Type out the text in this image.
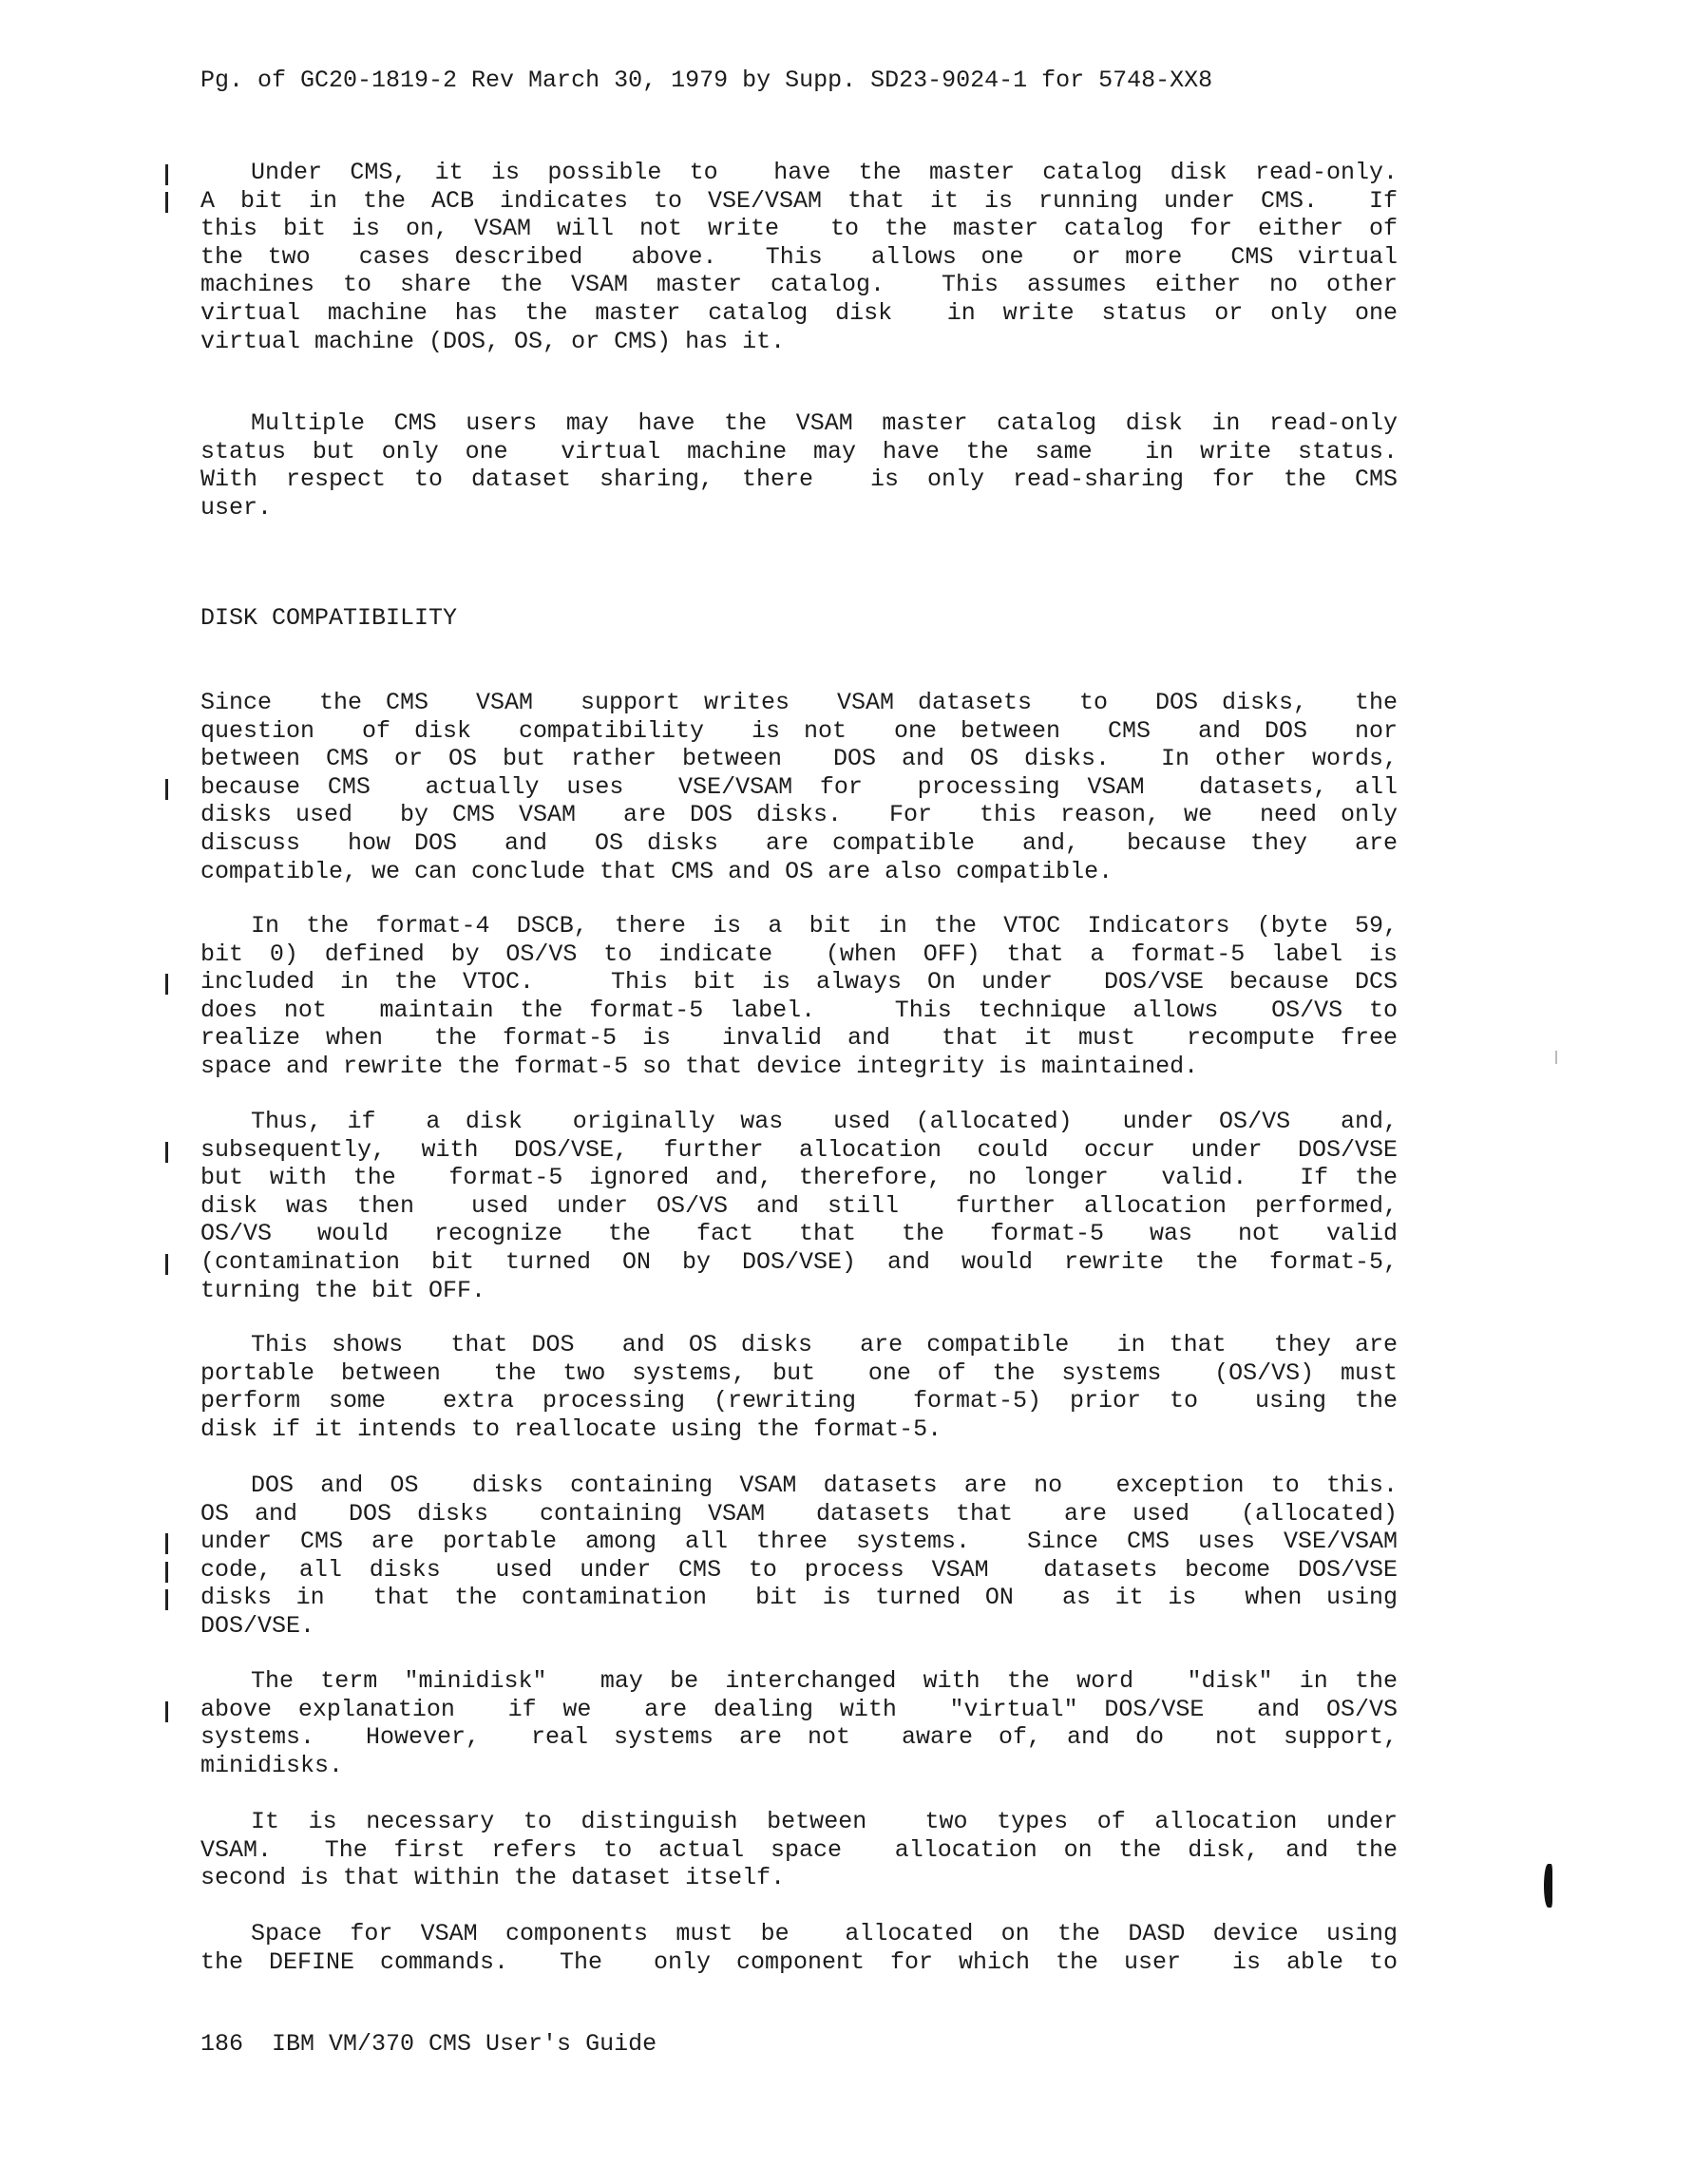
Pg. of GC20-1819-2 Rev March 30, 1979 by Supp. SD23-9024-1 for 5748-XX8
Under CMS, it is possible to  have the master catalog disk read-only.
A bit in the ACB indicates to VSE/VSAM that it is running under CMS.  If
this bit is on, VSAM will not write  to the master catalog for either of
the two  cases described  above.  This  allows one  or more  CMS virtual
machines to share the VSAM master catalog.  This assumes either no other
virtual machine has the master catalog disk  in write status or only one
virtual machine (DOS, OS, or CMS) has it.
Multiple CMS users may have the VSAM master catalog disk in read-only
status but only one  virtual machine may have the same  in write status.
With respect to dataset sharing, there  is only read-sharing for the CMS
user.
DISK COMPATIBILITY
Since  the CMS  VSAM  support writes  VSAM datasets  to  DOS disks,  the
question  of disk  compatibility  is not  one between  CMS  and DOS  nor
between CMS or OS but rather between  DOS and OS disks.  In other words,
because CMS  actually uses  VSE/VSAM for  processing VSAM  datasets, all
disks used  by CMS VSAM  are DOS disks.  For  this reason, we  need only
discuss  how DOS  and  OS disks  are compatible  and,  because they  are
compatible, we can conclude that CMS and OS are also compatible.
In the format-4 DSCB, there is a bit in the VTOC Indicators (byte 59,
bit 0) defined by OS/VS to indicate  (when OFF) that a format-5 label is
included in the VTOC.   This bit is always On under  DOS/VSE because DCS
does not  maintain the format-5 label.   This technique allows  OS/VS to
realize when  the format-5 is  invalid and  that it must  recompute free
space and rewrite the format-5 so that device integrity is maintained.
Thus, if  a disk  originally was  used (allocated)  under OS/VS  and,
subsequently, with DOS/VSE, further allocation could occur under DOS/VSE
but with the  format-5 ignored and, therefore, no longer  valid.  If the
disk was then  used under OS/VS and still  further allocation performed,
OS/VS  would  recognize  the  fact  that  the  format-5  was  not  valid
(contamination bit turned ON by DOS/VSE) and would rewrite the format-5,
turning the bit OFF.
This shows  that DOS  and OS disks  are compatible  in that  they are
portable between  the two systems, but  one of the systems  (OS/VS) must
perform some  extra processing (rewriting  format-5) prior to  using the
disk if it intends to reallocate using the format-5.
DOS and OS  disks containing VSAM datasets are no  exception to this.
OS and  DOS disks  containing VSAM  datasets that  are used  (allocated)
under CMS are portable among all three systems.  Since CMS uses VSE/VSAM
code, all disks  used under CMS to process VSAM  datasets become DOS/VSE
disks in  that the contamination  bit is turned ON  as it is  when using
DOS/VSE.
The term "minidisk"  may be interchanged with the word  "disk" in the
above explanation  if we  are dealing with  "virtual" DOS/VSE  and OS/VS
systems.  However,  real systems are not  aware of, and do  not support,
minidisks.
It is necessary to distinguish between  two types of allocation under
VSAM.  The first refers to actual space  allocation on the disk, and the
second is that within the dataset itself.
Space for VSAM components must be  allocated on the DASD device using
the DEFINE commands.  The  only component for which the user  is able to
186  IBM VM/370 CMS User's Guide
